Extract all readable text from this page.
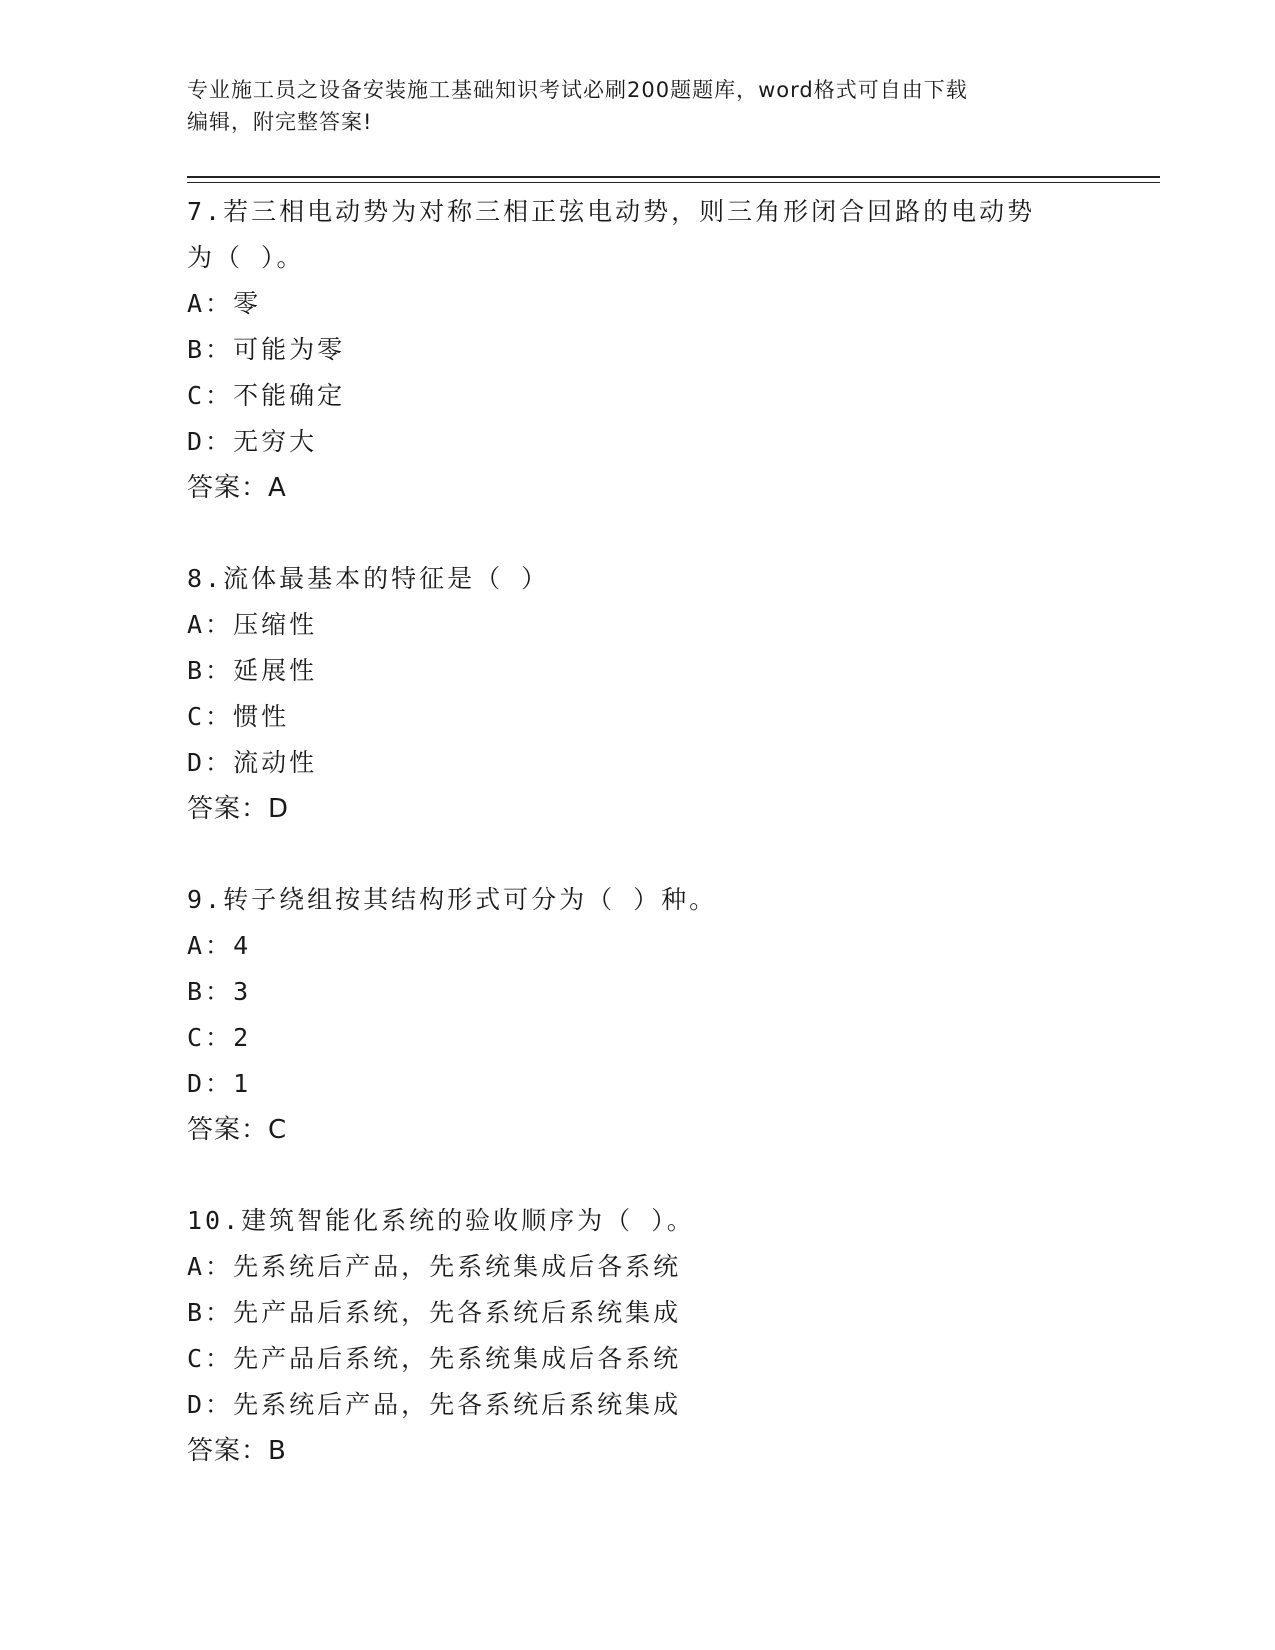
专业施工员之设备安装施工基础知识考试必刷200题题库，word格式可自由下载
编辑，附完整答案!
7.若三相电动势为对称三相正弦电动势，则三角形闭合回路的电动势
为（ ）。
A：零
B：可能为零
C：不能确定
D：无穷大
答案：A
8.流体最基本的特征是（ ）
A：压缩性
B：延展性
C：惯性
D：流动性
答案：D
9.转子绕组按其结构形式可分为（ ）种。
A：4
B：3
C：2
D：1
答案：C
10.建筑智能化系统的验收顺序为（ ）。
A：先系统后产品，先系统集成后各系统
B：先产品后系统，先各系统后系统集成
C：先产品后系统，先系统集成后各系统
D：先系统后产品，先各系统后系统集成
答案：B
